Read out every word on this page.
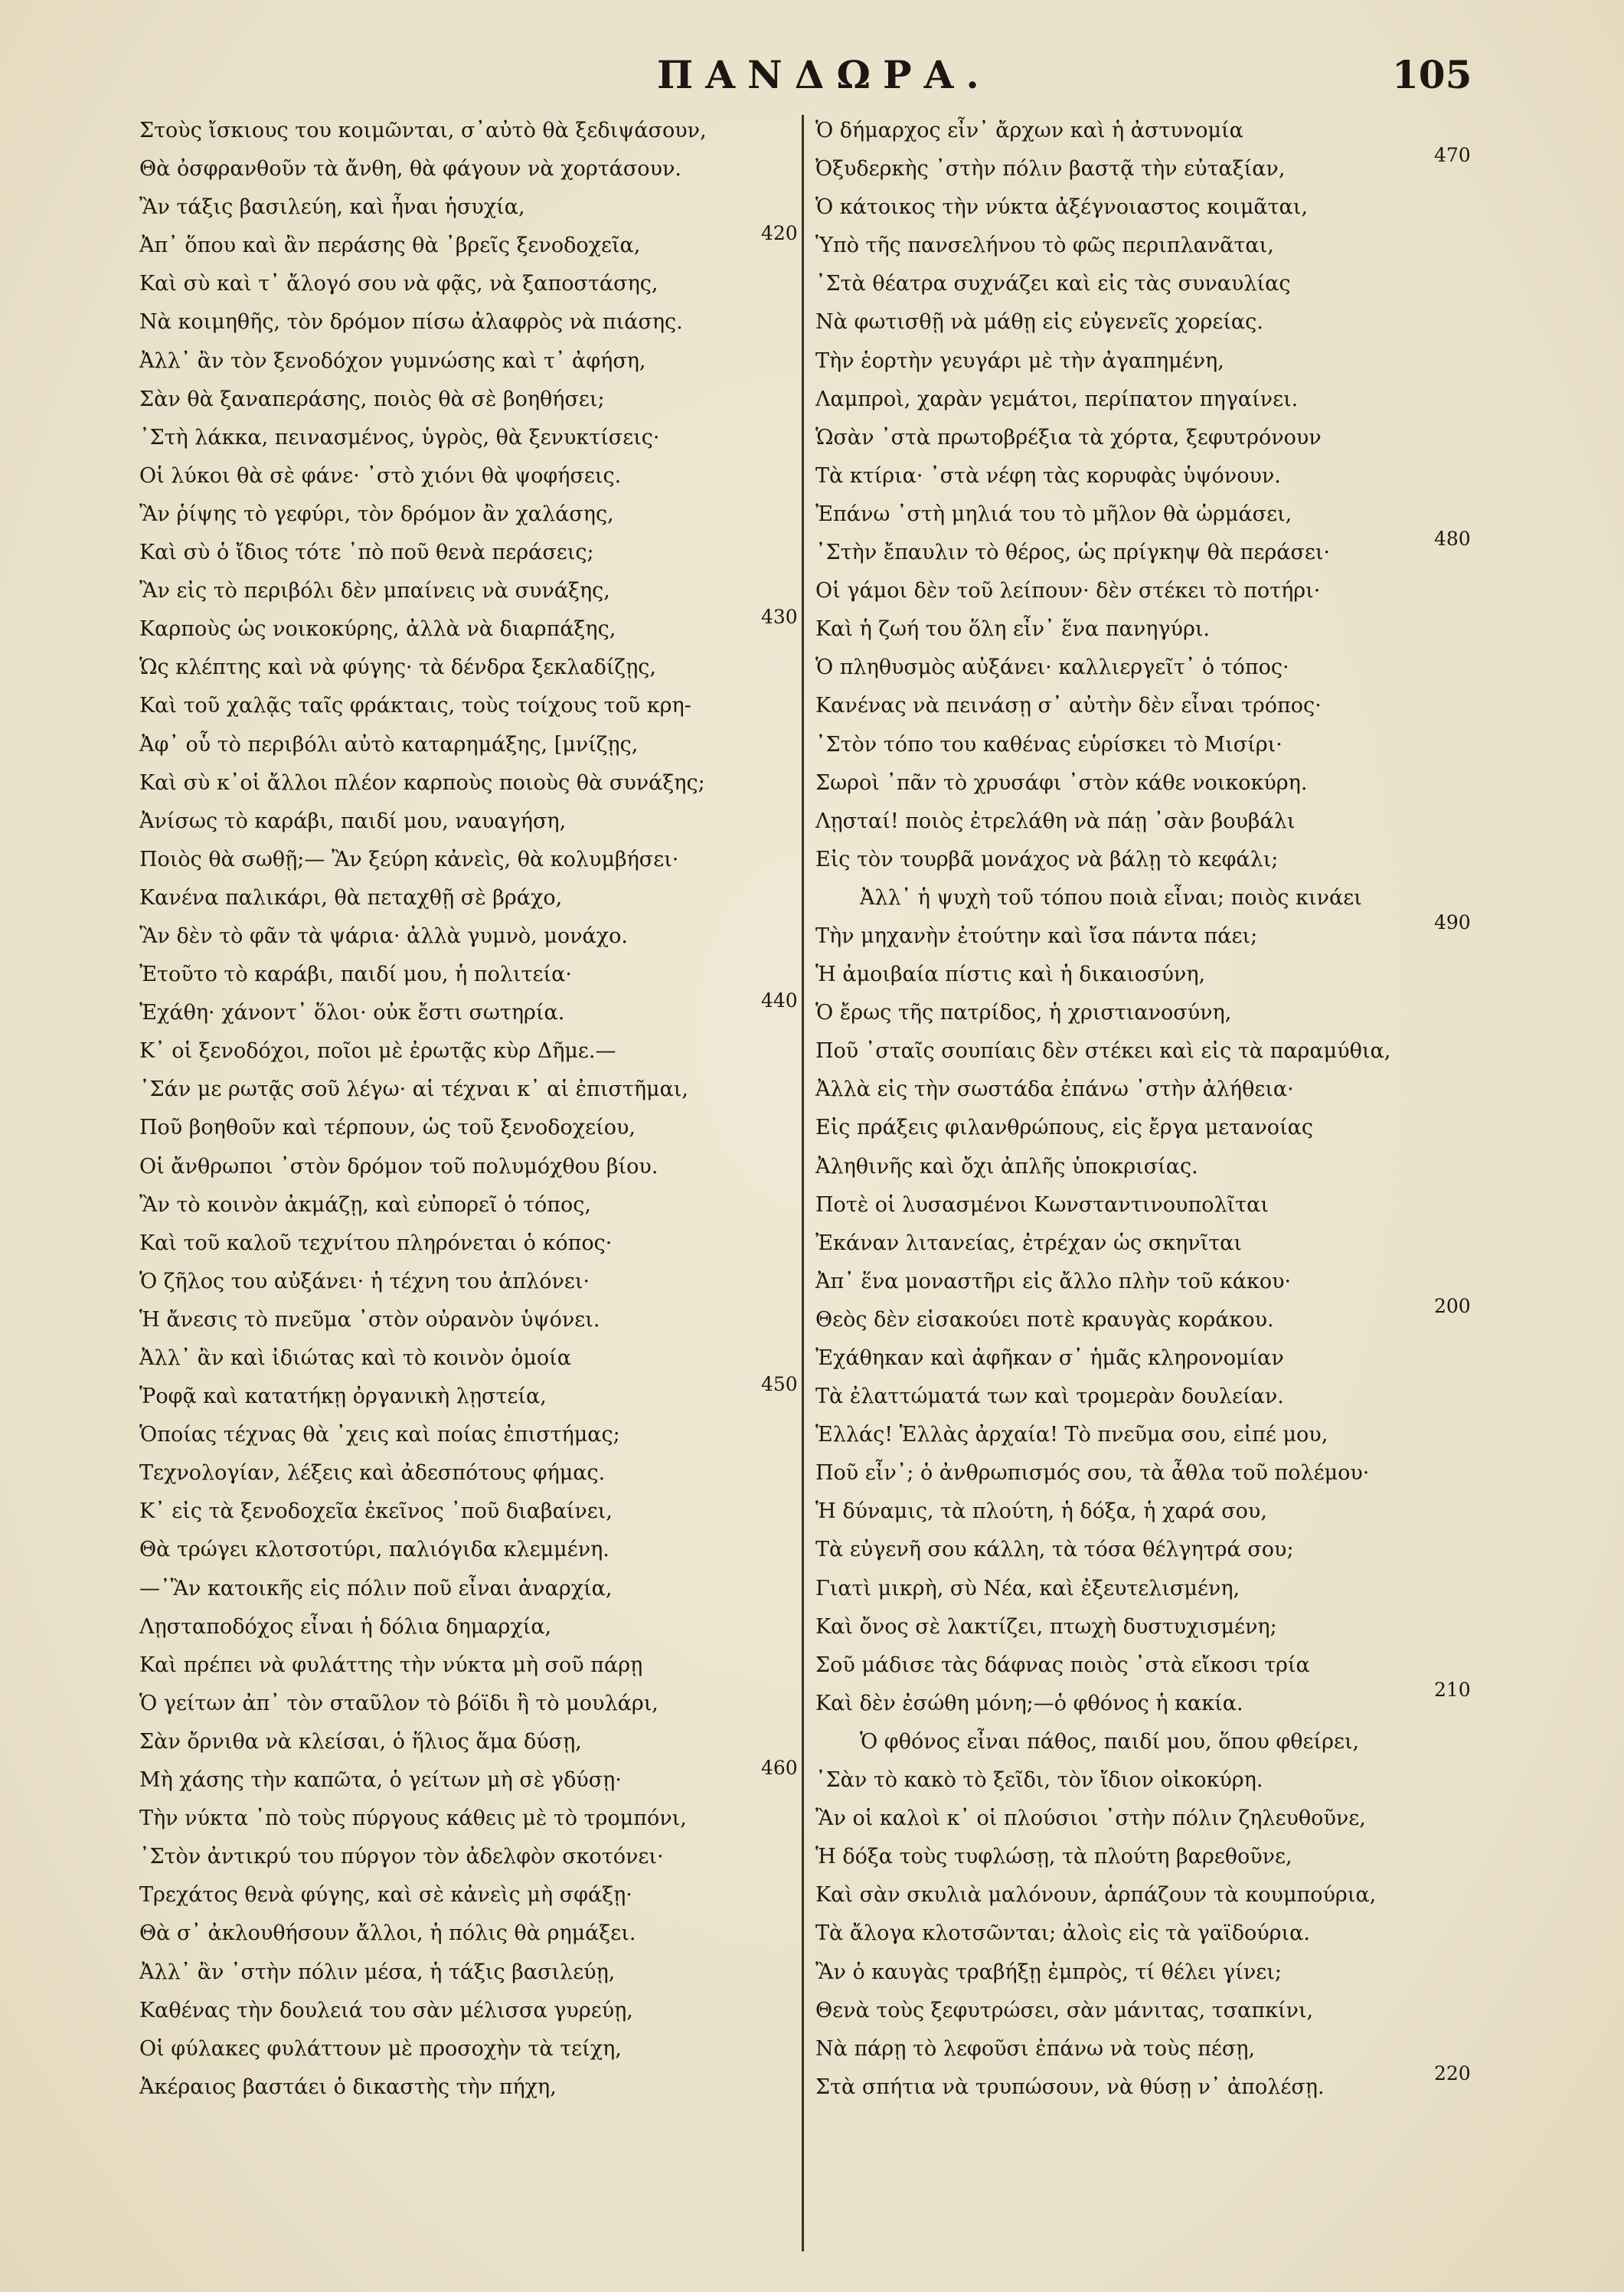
ΠΑΝΔΩΡΑ.	105
Στοὺς ἴσκιους του κοιμῶνται, σ᾽αὐτὸ θὰ ξεδιψάσουν,
Θὰ ὀσφρανθοῦν τὰ ἄνθη, θὰ φάγουν νὰ χορτάσουν.
Ἂν τάξις βασιλεύη, καὶ ἦναι ἡσυχία,
Ἀπ᾽ ὅπου καὶ ἂν περάσης θὰ ᾽βρεῖς ξενοδοχεῖα,
420
Καὶ σὺ καὶ τ᾽ ἄλογό σου νὰ φᾷς, νὰ ξαποστάσης,
Νὰ κοιμηθῆς, τὸν δρόμον πίσω ἀλαφρὸς νὰ πιάσης.
Ἀλλ᾽ ἂν τὸν ξενοδόχον γυμνώσης καὶ τ᾽ ἀφήση,
Σὰν θὰ ξαναπεράσης, ποιὸς θὰ σὲ βοηθήσει;
᾽Στὴ λάκκα, πεινασμένος, ὑγρὸς, θὰ ξενυκτίσεις·
Οἱ λύκοι θὰ σὲ φάνε· ᾽στὸ χιόνι θὰ ψοφήσεις.
Ἂν ῥίψης τὸ γεφύρι, τὸν δρόμον ἂν χαλάσης,
Καὶ σὺ ὁ ἴδιος τότε ᾽πὸ ποῦ θενὰ περάσεις;
Ἂν εἰς τὸ περιβόλι δὲν μπαίνεις νὰ συνάξης,
Καρποὺς ὡς νοικοκύρης, ἀλλὰ νὰ διαρπάξης,
430
Ὡς κλέπτης καὶ νὰ φύγης· τὰ δένδρα ξεκλαδίζῃς,
Καὶ τοῦ χαλᾷς ταῖς φράκταις, τοὺς τοίχους τοῦ κρη-
Ἀφ᾽ οὗ τὸ περιβόλι αὐτὸ καταρημάξης, [μνίζῃς,
Καὶ σὺ κ᾽οἱ ἄλλοι πλέον καρποὺς ποιοὺς θὰ συνάξης;
Ἀνίσως τὸ καράβι, παιδί μου, ναυαγήση,
Ποιὸς θὰ σωθῇ;— Ἂν ξεύρη κἀνεὶς, θὰ κολυμβήσει·
Κανένα παλικάρι, θὰ πεταχθῇ σὲ βράχο,
Ἂν δὲν τὸ φᾶν τὰ ψάρια· ἀλλὰ γυμνὸ, μονάχο.
Ἐτοῦτο τὸ καράβι, παιδί μου, ἡ πολιτεία·
Ἐχάθη· χάνοντ᾽ ὅλοι· οὐκ ἔστι σωτηρία.
440
Κ᾽ οἱ ξενοδόχοι, ποῖοι μὲ ἐρωτᾷς κὺρ Δῆμε.—
᾽Σάν με ρωτᾷς σοῦ λέγω· αἱ τέχναι κ᾽ αἱ ἐπιστῆμαι,
Ποῦ βοηθοῦν καὶ τέρπουν, ὡς τοῦ ξενοδοχείου,
Οἱ ἄνθρωποι ᾽στὸν δρόμον τοῦ πολυμόχθου βίου.
Ἂν τὸ κοινὸν ἀκμάζῃ, καὶ εὐπορεῖ ὁ τόπος,
Καὶ τοῦ καλοῦ τεχνίτου πληρόνεται ὁ κόπος·
Ὁ ζῆλος του αὐξάνει· ἡ τέχνη του ἁπλόνει·
Ἡ ἄνεσις τὸ πνεῦμα ᾽στὸν οὐρανὸν ὑψόνει.
Ἀλλ᾽ ἂν καὶ ἰδιώτας καὶ τὸ κοινὸν ὁμοία
Ῥοφᾷ καὶ κατατήκῃ ὀργανικὴ λῃστεία,
450
Ὁποίας τέχνας θὰ ᾽χεις καὶ ποίας ἐπιστήμας;
Τεχνολογίαν, λέξεις καὶ ἀδεσπότους φήμας.
Κ᾽ εἰς τὰ ξενοδοχεῖα ἐκεῖνος ᾽ποῦ διαβαίνει,
Θὰ τρώγει κλοτσοτύρι, παλιόγιδα κλεμμένη.
—᾽Ἂν κατοικῆς εἰς πόλιν ποῦ εἶναι ἀναρχία,
Λῃσταποδόχος εἶναι ἡ δόλια δημαρχία,
Καὶ πρέπει νὰ φυλάττης τὴν νύκτα μὴ σοῦ πάρῃ
Ὁ γείτων ἀπ᾽ τὸν σταῦλον τὸ βόϊδι ἢ τὸ μουλάρι,
Σὰν ὄρνιθα νὰ κλείσαι, ὁ ἥλιος ἅμα δύσῃ,
Μὴ χάσης τὴν καπῶτα, ὁ γείτων μὴ σὲ γδύσῃ·
460
Τὴν νύκτα ᾽πὸ τοὺς πύργους κάθεις μὲ τὸ τρομπόνι,
᾽Στὸν ἀντικρύ του πύργον τὸν ἀδελφὸν σκοτόνει·
Τρεχάτος θενὰ φύγης, καὶ σὲ κἀνεὶς μὴ σφάξῃ·
Θὰ σ᾽ ἀκλουθήσουν ἄλλοι, ἡ πόλις θὰ ρημάξει.
Ἀλλ᾽ ἂν ᾽στὴν πόλιν μέσα, ἡ τάξις βασιλεύῃ,
Καθένας τὴν δουλειά του σὰν μέλισσα γυρεύῃ,
Οἱ φύλακες φυλάττουν μὲ προσοχὴν τὰ τείχη,
Ἀκέραιος βαστάει ὁ δικαστὴς τὴν πήχη,
Ὁ δήμαρχος εἶν᾽ ἄρχων καὶ ἡ ἀστυνομία
Ὀξυδερκὴς ᾽στὴν πόλιν βαστᾷ τὴν εὐταξίαν,
470
Ὁ κάτοικος τὴν νύκτα ἀξέγνοιαστος κοιμᾶται,
Ὑπὸ τῆς πανσελήνου τὸ φῶς περιπλανᾶται,
᾽Στὰ θέατρα συχνάζει καὶ εἰς τὰς συναυλίας
Νὰ φωτισθῇ νὰ μάθῃ εἰς εὐγενεῖς χορείας.
Τὴν ἑορτὴν γευγάρι μὲ τὴν ἀγαπημένη,
Λαμπροὶ, χαρὰν γεμάτοι, περίπατον πηγαίνει.
Ὡσὰν ᾽στὰ πρωτοβρέξια τὰ χόρτα, ξεφυτρόνουν
Τὰ κτίρια· ᾽στὰ νέφη τὰς κορυφὰς ὑψόνουν.
Ἐπάνω ᾽στὴ μηλιά του τὸ μῆλον θὰ ὡρμάσει,
᾽Στὴν ἔπαυλιν τὸ θέρος, ὡς πρίγκηψ θὰ περάσει·
480
Οἱ γάμοι δὲν τοῦ λείπουν· δὲν στέκει τὸ ποτήρι·
Καὶ ἡ ζωή του ὅλη εἶν᾽ ἕνα πανηγύρι.
Ὁ πληθυσμὸς αὐξάνει· καλλιεργεῖτ᾽ ὁ τόπος·
Κανένας νὰ πεινάσῃ σ᾽ αὐτὴν δὲν εἶναι τρόπος·
᾽Στὸν τόπο του καθένας εὑρίσκει τὸ Μισίρι·
Σωροὶ ᾽πᾶν τὸ χρυσάφι ᾽στὸν κάθε νοικοκύρη.
Λῃσταί! ποιὸς ἐτρελάθη νὰ πάῃ ᾽σὰν βουβάλι
Εἰς τὸν τουρβᾶ μονάχος νὰ βάλῃ τὸ κεφάλι;
Ἀλλ᾽ ἡ ψυχὴ τοῦ τόπου ποιὰ εἶναι; ποιὸς κινάει
Τὴν μηχανὴν ἐτούτην καὶ ἴσα πάντα πάει;
490
Ἡ ἀμοιβαία πίστις καὶ ἡ δικαιοσύνη,
Ὁ ἔρως τῆς πατρίδος, ἡ χριστιανοσύνη,
Ποῦ ᾽σταῖς σουπίαις δὲν στέκει καὶ εἰς τὰ παραμύθια,
Ἀλλὰ εἰς τὴν σωστάδα ἐπάνω ᾽στὴν ἀλήθεια·
Εἰς πράξεις φιλανθρώπους, εἰς ἔργα μετανοίας
Ἀληθινῆς καὶ ὄχι ἀπλῆς ὑποκρισίας.
Ποτὲ οἱ λυσασμένοι Κωνσταντινουπολῖται
Ἐκάναν λιτανείας, ἐτρέχαν ὡς σκηνῖται
Ἀπ᾽ ἕνα μοναστῆρι εἰς ἄλλο πλὴν τοῦ κάκου·
Θεὸς δὲν εἰσακούει ποτὲ κραυγὰς κοράκου.
200
Ἐχάθηκαν καὶ ἀφῆκαν σ᾽ ἡμᾶς κληρονομίαν
Τὰ ἐλαττώματά των καὶ τρομερὰν δουλείαν.
Ἑλλάς! Ἑλλὰς ἀρχαία! Τὸ πνεῦμα σου, εἰπέ μου,
Ποῦ εἶν᾽; ὁ ἀνθρωπισμός σου, τὰ ἆθλα τοῦ πολέμου·
Ἡ δύναμις, τὰ πλούτη, ἡ δόξα, ἡ χαρά σου,
Τὰ εὐγενῆ σου κάλλη, τὰ τόσα θέλγητρά σου;
Γιατὶ μικρὴ, σὺ Νέα, καὶ ἐξευτελισμένη,
Καὶ ὄνος σὲ λακτίζει, πτωχὴ δυστυχισμένη;
Σοῦ μάδισε τὰς δάφνας ποιὸς ᾽στὰ εἴκοσι τρία
Καὶ δὲν ἐσώθη μόνη;—ὁ φθόνος ἡ κακία.
210
Ὁ φθόνος εἶναι πάθος, παιδί μου, ὅπου φθείρει,
᾽Σὰν τὸ κακὸ τὸ ξεῖδι, τὸν ἴδιον οἰκοκύρη.
Ἂν οἱ καλοὶ κ᾽ οἱ πλούσιοι ᾽στὴν πόλιν ζηλευθοῦνε,
Ἡ δόξα τοὺς τυφλώσῃ, τὰ πλούτη βαρεθοῦνε,
Καὶ σὰν σκυλιὰ μαλόνουν, ἁρπάζουν τὰ κουμπούρια,
Τὰ ἄλογα κλοτσῶνται; ἀλοὶς εἰς τὰ γαϊδούρια.
Ἂν ὁ καυγὰς τραβήξῃ ἐμπρὸς, τί θέλει γίνει;
Θενὰ τοὺς ξεφυτρώσει, σὰν μάνιτας, τσαπκίνι,
Νὰ πάρῃ τὸ λεφοῦσι ἐπάνω νὰ τοὺς πέσῃ,
Στὰ σπήτια νὰ τρυπώσουν, νὰ θύσῃ ν᾽ ἀπολέσῃ.
220
